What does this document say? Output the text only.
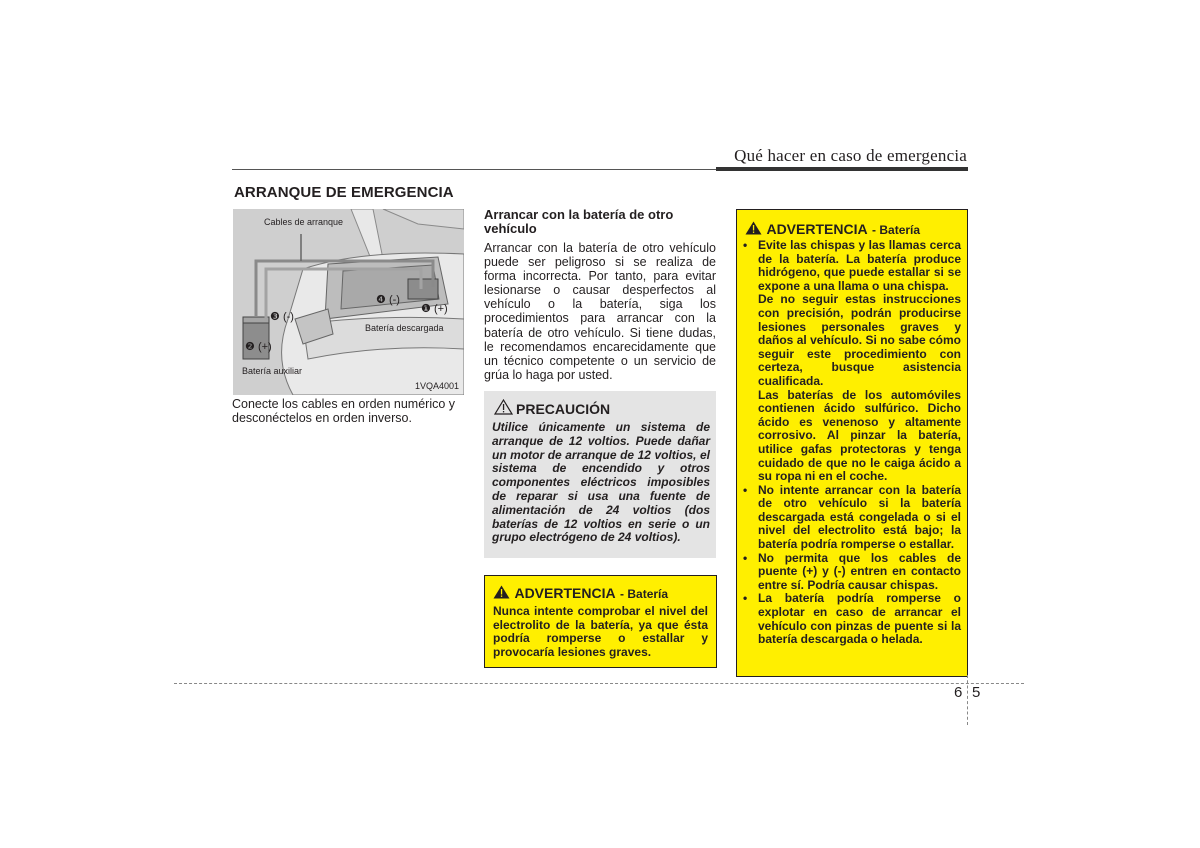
Qué hacer en caso de emergencia
ARRANQUE DE EMERGENCIA
Cables de arranque
Batería descargada
Batería auxiliar
1VQA4001
❶ (+)
❷ (+)
❸ (-)
❹ (-)
Conecte los cables en orden numérico y desconéctelos en orden inverso.
Arrancar con la batería de otro vehículo
Arrancar con la batería de otro vehículo puede ser peligroso si se realiza de forma incorrecta. Por tanto, para evitar lesionarse o causar desperfectos al vehículo o la batería, siga los procedimientos para arrancar con la batería de otro vehículo. Si tiene dudas, le recomendamos encarecidamente que un técnico competente o un servicio de grúa lo haga por usted.
PRECAUCIÓN
Utilice únicamente un sistema de arranque de 12 voltios. Puede dañar un motor de arranque de 12 voltios, el sistema de encendido y otros componentes eléctricos imposibles de reparar si usa una fuente de alimentación de 24 voltios (dos baterías de 12 voltios en serie o un grupo electrógeno de 24 voltios).
ADVERTENCIA - Batería
Nunca intente comprobar el nivel del electrolito de la batería, ya que ésta podría romperse o estallar y provocaría lesiones graves.
ADVERTENCIA - Batería

• Evite las chispas y las llamas cerca de la batería. La batería produce hidrógeno, que puede estallar si se expone a una llama o una chispa.

De no seguir estas instrucciones con precisión, podrán producirse lesiones personales graves y daños al vehículo. Si no sabe cómo seguir este procedimiento con certeza, busque asistencia cualificada.

Las baterías de los automóviles contienen ácido sulfúrico. Dicho ácido es venenoso y altamente corrosivo. Al pinzar la batería, utilice gafas protectoras y tenga cuidado de que no le caiga ácido a su ropa ni en el coche.

• No intente arrancar con la batería de otro vehículo si la batería descargada está congelada o si el nivel del electrolito está bajo; la batería podría romperse o estallar.

• No permita que los cables de puente (+) y (-) entren en contacto entre sí. Podría causar chispas.

• La batería podría romperse o explotar en caso de arrancar el vehículo con pinzas de puente si la batería descargada o helada.

6 5
